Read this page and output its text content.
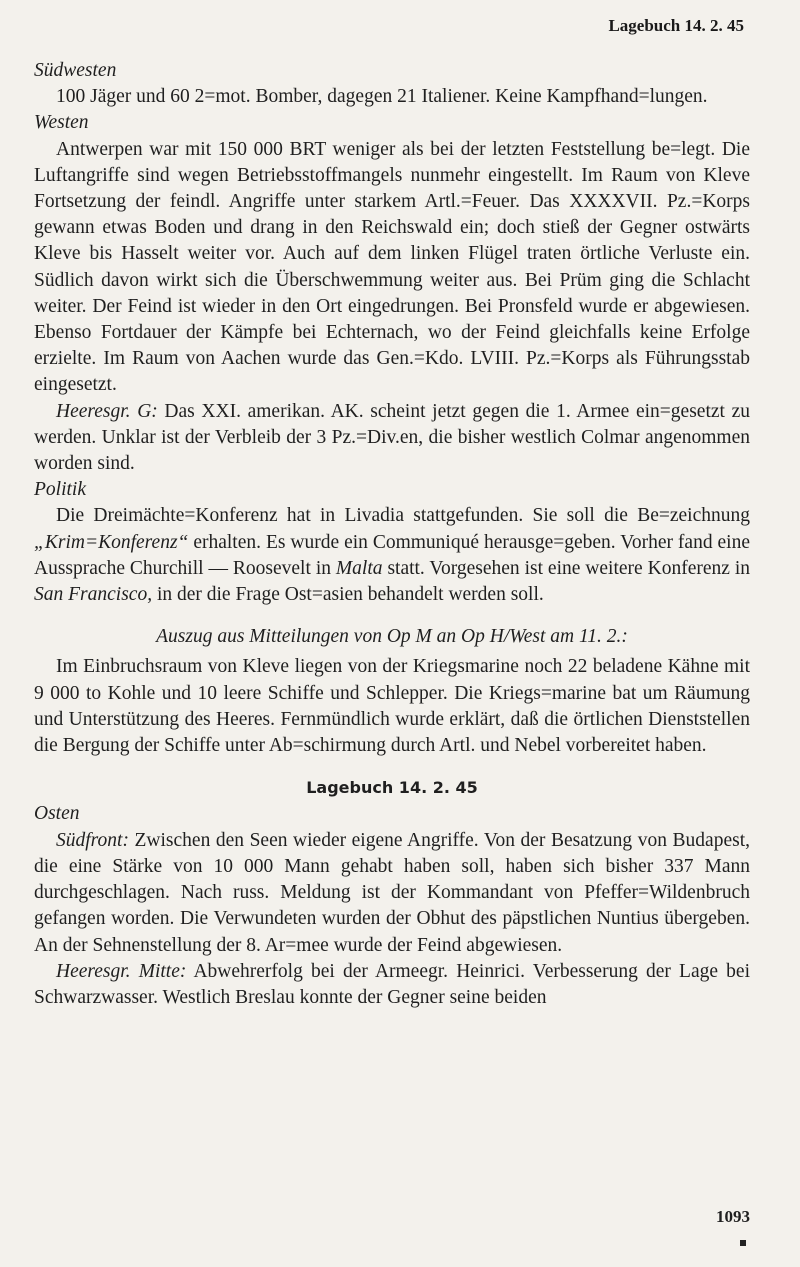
Lagebuch 14. 2. 45
Südwesten

100 Jäger und 60 2=mot. Bomber, dagegen 21 Italiener. Keine Kampfhand=lungen.

Westen

Antwerpen war mit 150 000 BRT weniger als bei der letzten Feststellung be=legt. Die Luftangriffe sind wegen Betriebsstoffmangels nunmehr eingestellt. Im Raum von Kleve Fortsetzung der feindl. Angriffe unter starkem Artl.=Feuer. Das XXXXVII. Pz.=Korps gewann etwas Boden und drang in den Reichswald ein; doch stieß der Gegner ostwärts Kleve bis Hasselt weiter vor. Auch auf dem linken Flügel traten örtliche Verluste ein. Südlich davon wirkt sich die Überschwemmung weiter aus. Bei Prüm ging die Schlacht weiter. Der Feind ist wieder in den Ort eingedrungen. Bei Pronsfeld wurde er abgewiesen. Ebenso Fortdauer der Kämpfe bei Echternach, wo der Feind gleichfalls keine Erfolge erzielte. Im Raum von Aachen wurde das Gen.=Kdo. LVIII. Pz.=Korps als Führungsstab eingesetzt.

Heeresgr. G: Das XXI. amerikan. AK. scheint jetzt gegen die 1. Armee ein=gesetzt zu werden. Unklar ist der Verbleib der 3 Pz.=Div.en, die bisher westlich Colmar angenommen worden sind.

Politik

Die Dreimächte=Konferenz hat in Livadia stattgefunden. Sie soll die Be=zeichnung „Krim=Konferenz“ erhalten. Es wurde ein Communiqué herausge=geben. Vorher fand eine Aussprache Churchill — Roosevelt in Malta statt. Vorgesehen ist eine weitere Konferenz in San Francisco, in der die Frage Ost=asien behandelt werden soll.

Auszug aus Mitteilungen von Op M an Op H/West am 11. 2.:

Im Einbruchsraum von Kleve liegen von der Kriegsmarine noch 22 beladene Kähne mit 9 000 to Kohle und 10 leere Schiffe und Schlepper. Die Kriegs=marine bat um Räumung und Unterstützung des Heeres. Fernmündlich wurde erklärt, daß die örtlichen Dienststellen die Bergung der Schiffe unter Ab=schirmung durch Artl. und Nebel vorbereitet haben.

Lagebuch 14. 2. 45
Osten

Südfront: Zwischen den Seen wieder eigene Angriffe. Von der Besatzung von Budapest, die eine Stärke von 10 000 Mann gehabt haben soll, haben sich bisher 337 Mann durchgeschlagen. Nach russ. Meldung ist der Kommandant von Pfeffer=Wildenbruch gefangen worden. Die Verwundeten wurden der Obhut des päpstlichen Nuntius übergeben. An der Sehnenstellung der 8. Ar=mee wurde der Feind abgewiesen.

Heeresgr. Mitte: Abwehrerfolg bei der Armeegr. Heinrici. Verbesserung der Lage bei Schwarzwasser. Westlich Breslau konnte der Gegner seine beiden

1093
